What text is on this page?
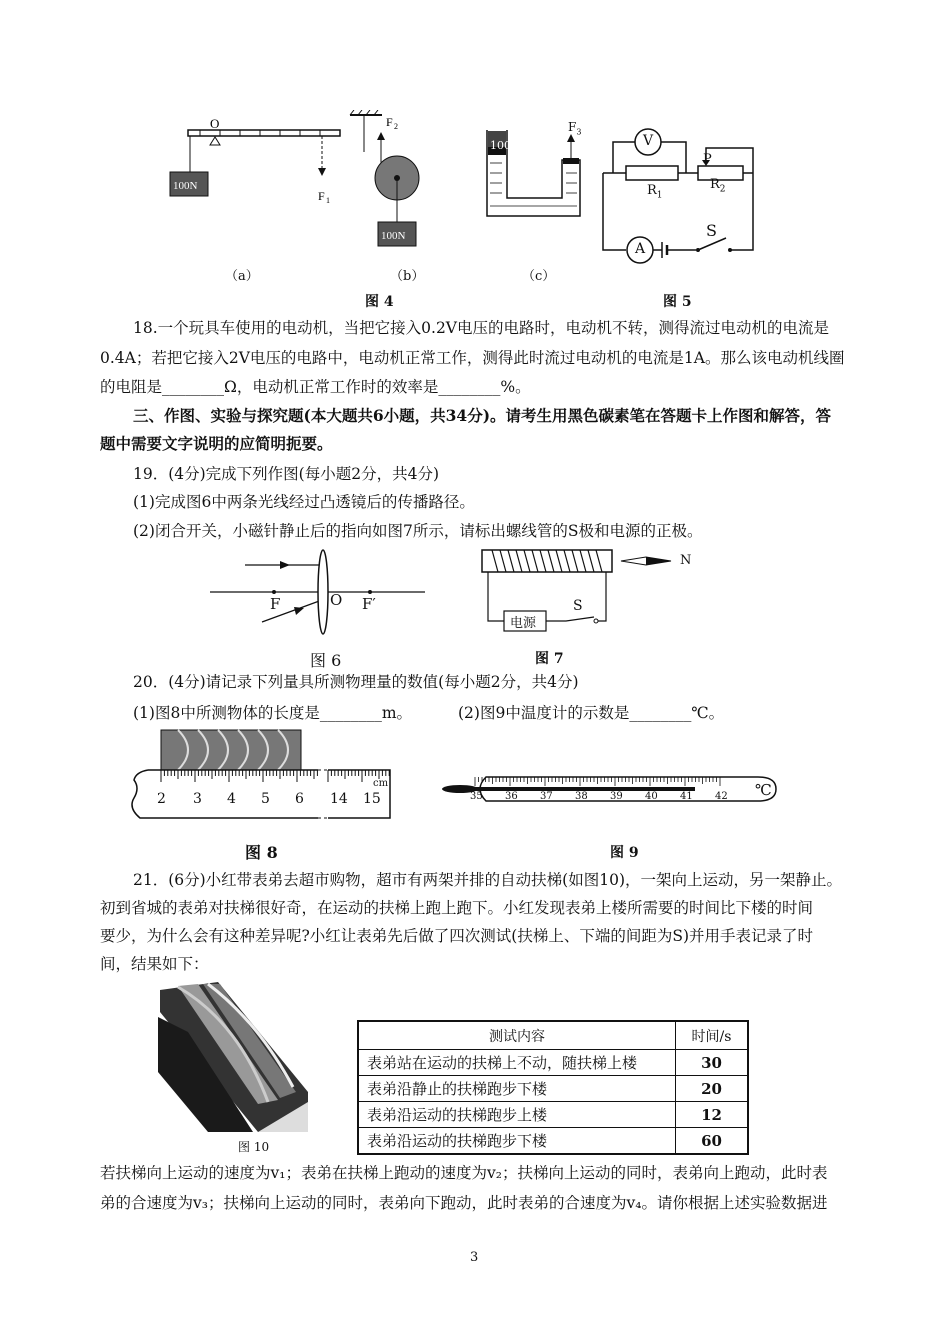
O
100N
F 1
F 2
100N
100N
$F_3$
（a）	（b）	（c）
图 4
V
A
P
$R_1$
$R_2$
S
图 5
18.一个玩具车使用的电动机，当把它接入0.2V电压的电路时，电动机不转，测得流过电动机的电流是
0.4A；若把它接入2V电压的电路中，电动机正常工作，测得此时流过电动机的电流是1A。那么该电动机线圈
的电阻是________Ω，电动机正常工作时的效率是________%。
三、作图、实验与探究题(本大题共6小题，共34分)。请考生用黑色碳素笔在答题卡上作图和解答，答
题中需要文字说明的应简明扼要。
19．(4分)完成下列作图(每小题2分，共4分)
(1)完成图6中两条光线经过凸透镜后的传播路径。
(2)闭合开关，小磁针静止后的指向如图7所示，请标出螺线管的S极和电源的正极。
F	O F′
图 6
N
电源
S
图 7
20．(4分)请记录下列量具所测物理量的数值(每小题2分，共4分)
(1)图8中所测物体的长度是________m。	(2)图9中温度计的示数是________℃。
2 3 4 5 6 14 15
cm
图 8
35 36 37 38 39 40 41 42 ℃
图 9
21．(6分)小红带表弟去超市购物，超市有两架并排的自动扶梯(如图10)，一架向上运动，另一架静止。
初到省城的表弟对扶梯很好奇，在运动的扶梯上跑上跑下。小红发现表弟上楼所需要的时间比下楼的时间
要少，为什么会有这种差异呢?小红让表弟先后做了四次测试(扶梯上、下端的间距为S)并用手表记录了时
间，结果如下：
图 10
测试内容	时间/s
表弟站在运动的扶梯上不动，随扶梯上楼	30
表弟沿静止的扶梯跑步下楼	20
表弟沿运动的扶梯跑步上楼	12
表弟沿运动的扶梯跑步下楼	60
若扶梯向上运动的速度为v₁；表弟在扶梯上跑动的速度为v₂；扶梯向上运动的同时，表弟向上跑动，此时表
弟的合速度为v₃；扶梯向上运动的同时，表弟向下跑动，此时表弟的合速度为v₄。请你根据上述实验数据进
3
